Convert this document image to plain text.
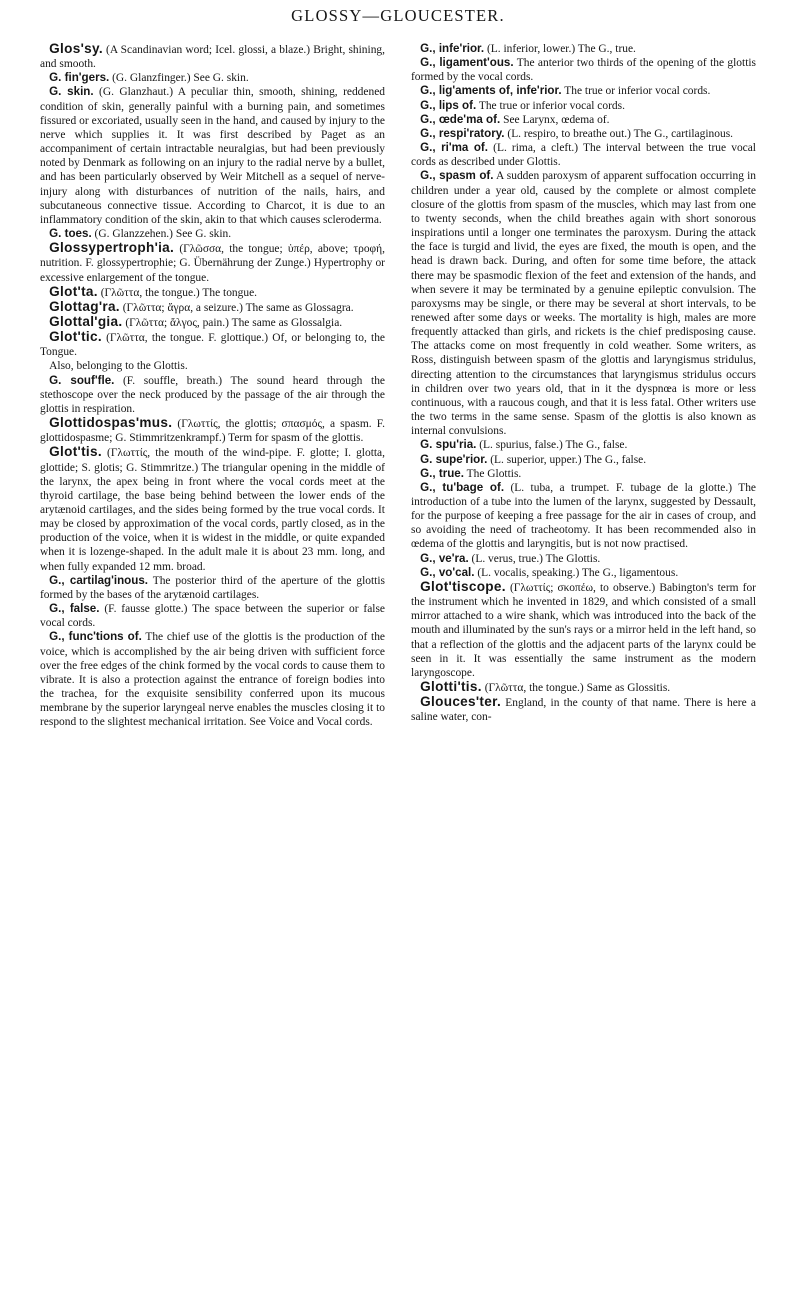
GLOSSY—GLOUCESTER.

Glos'sy. (A Scandinavian word; Icel. glossi, a blaze.) Bright, shining, and smooth.

G. fin'gers. (G. Glanzfinger.) See G. skin.

G. skin. (G. Glanzhaut.) A peculiar thin, smooth, shining, reddened condition of skin, generally painful with a burning pain, and sometimes fissured or excoriated, usually seen in the hand, and caused by injury to the nerve which supplies it. It was first described by Paget as an accompaniment of certain intractable neuralgias, but had been previously noted by Denmark as following on an injury to the radial nerve by a bullet, and has been particularly observed by Weir Mitchell as a sequel of nerve-injury along with disturbances of nutrition of the nails, hairs, and subcutaneous connective tissue. According to Charcot, it is due to an inflammatory condition of the skin, akin to that which causes scleroderma.

G. toes. (G. Glanzzehen.) See G. skin.

Glossypertroph'ia. (Γλῶσσα, the tongue; ὑπέρ, above; τροφή, nutrition. F. glossypertrophie; G. Übernährung der Zunge.) Hypertrophy or excessive enlargement of the tongue.

Glot'ta. (Γλῶττα, the tongue.) The tongue.

Glottag'ra. (Γλῶττα; ἄγρα, a seizure.) The same as Glossagra.

Glottal'gia. (Γλῶττα; ἄλγος, pain.) The same as Glossalgia.

Glot'tic. (Γλῶττα, the tongue. F. glottique.) Of, or belonging to, the Tongue.

Also, belonging to the Glottis.

G. souf'fle. (F. souffle, breath.) The sound heard through the stethoscope over the neck produced by the passage of the air through the glottis in respiration.

Glottidospas'mus. (Γλωττίς, the glottis; σπασμός, a spasm. F. glottidospasme; G. Stimmritzenkrampf.) Term for spasm of the glottis.

Glot'tis. (Γλωττίς, the mouth of the wind-pipe. F. glotte; I. glotta, glottide; S. glotis; G. Stimmritze.) The triangular opening in the middle of the larynx, the apex being in front where the vocal cords meet at the thyroid cartilage, the base being behind between the lower ends of the arytænoid cartilages, and the sides being formed by the true vocal cords. It may be closed by approximation of the vocal cords, partly closed, as in the production of the voice, when it is widest in the middle, or quite expanded when it is lozenge-shaped. In the adult male it is about 23 mm. long, and when fully expanded 12 mm. broad.

G., cartilag'inous. The posterior third of the aperture of the glottis formed by the bases of the arytænoid cartilages.

G., false. (F. fausse glotte.) The space between the superior or false vocal cords.

G., func'tions of. The chief use of the glottis is the production of the voice, which is accomplished by the air being driven with sufficient force over the free edges of the chink formed by the vocal cords to cause them to vibrate. It is also a protection against the entrance of foreign bodies into the trachea, for the exquisite sensibility conferred upon its mucous membrane by the superior laryngeal nerve enables the muscles closing it to respond to the slightest mechanical irritation. See Voice and Vocal cords.

G., infe'rior. (L. inferior, lower.) The G., true.

G., ligament'ous. The anterior two thirds of the opening of the glottis formed by the vocal cords.

G., lig'aments of, infe'rior. The true or inferior vocal cords.

G., lips of. The true or inferior vocal cords.

G., œde'ma of. See Larynx, œdema of.

G., respi'ratory. (L. respiro, to breathe out.) The G., cartilaginous.

G., ri'ma of. (L. rima, a cleft.) The interval between the true vocal cords as described under Glottis.

G., spasm of. A sudden paroxysm of apparent suffocation occurring in children under a year old, caused by the complete or almost complete closure of the glottis from spasm of the muscles, which may last from one to twenty seconds, when the child breathes again with short sonorous inspirations until a longer one terminates the paroxysm. During the attack the face is turgid and livid, the eyes are fixed, the mouth is open, and the head is drawn back. During, and often for some time before, the attack there may be spasmodic flexion of the feet and extension of the hands, and when severe it may be terminated by a genuine epileptic convulsion. The paroxysms may be single, or there may be several at short intervals, to be renewed after some days or weeks. The mortality is high, males are more frequently attacked than girls, and rickets is the chief predisposing cause. The attacks come on most frequently in cold weather. Some writers, as Ross, distinguish between spasm of the glottis and laryngismus stridulus, directing attention to the circumstances that laryngismus stridulus occurs in children over two years old, that in it the dyspnœa is more or less continuous, with a raucous cough, and that it is less fatal. Other writers use the two terms in the same sense. Spasm of the glottis is also known as internal convulsions.

G. spu'ria. (L. spurius, false.) The G., false.

G. supe'rior. (L. superior, upper.) The G., false.

G., true. The Glottis.

G., tu'bage of. (L. tuba, a trumpet. F. tubage de la glotte.) The introduction of a tube into the lumen of the larynx, suggested by Dessault, for the purpose of keeping a free passage for the air in cases of croup, and so avoiding the need of tracheotomy. It has been recommended also in œdema of the glottis and laryngitis, but is not now practised.

G., ve'ra. (L. verus, true.) The Glottis.

G., vo'cal. (L. vocalis, speaking.) The G., ligamentous.

Glot'tiscope. (Γλωττίς; σκοπέω, to observe.) Babington's term for the instrument which he invented in 1829, and which consisted of a small mirror attached to a wire shank, which was introduced into the back of the mouth and illuminated by the sun's rays or a mirror held in the left hand, so that a reflection of the glottis and the adjacent parts of the larynx could be seen in it. It was essentially the same instrument as the modern laryngoscope.

Glotti'tis. (Γλῶττα, the tongue.) Same as Glossitis.

Glouces'ter. England, in the county of that name. There is here a saline water, con-
